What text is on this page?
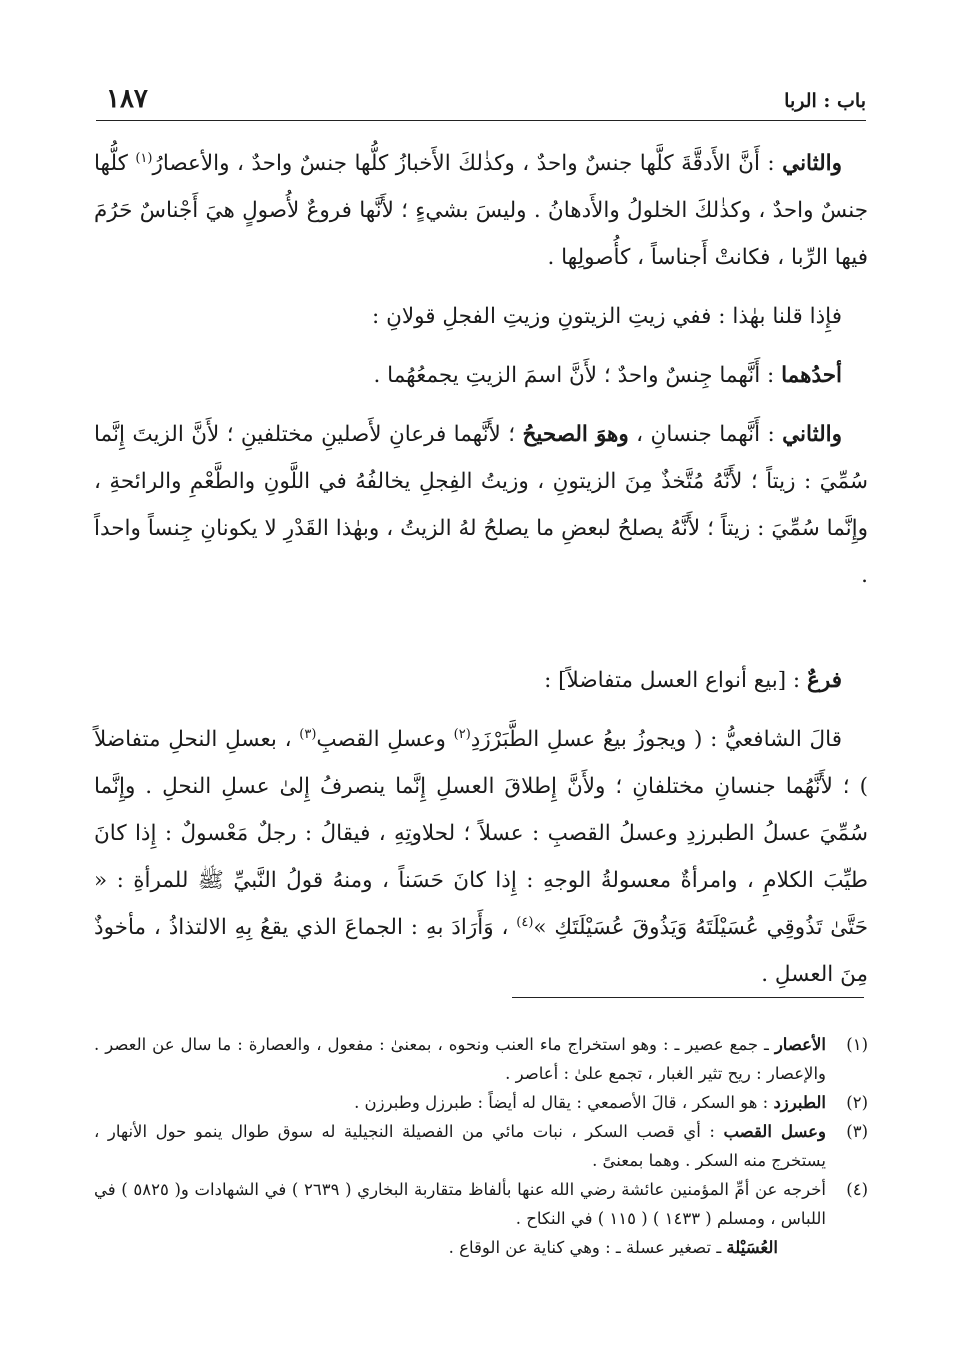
باب : الربا
١٨٧

والثاني : أَنَّ الأَدقَّةَ كلَّها جنسٌ واحدٌ ، وكذٰلكَ الأَخبازُ كلُّها جنسٌ واحدٌ ، والأعصارُ$^{(١)}$ كلُّها جنسٌ واحدٌ ، وكذٰلكَ الخلولُ والأَدهانُ . وليسَ بشيءٍ ؛ لأَنَّها فروعٌ لأُصولٍ هيَ أَجْناسٌ حَرُمَ فيها الرِّبا ، فكانتْ أَجناساً ، كأُصولِها .

فإِذا قلنا بهٰذا : ففي زيتِ الزيتونِ وزيتِ الفجلِ قولانِ :

أحدُهما : أَنَّهما جِنسٌ واحدٌ ؛ لأَنَّ اسمَ الزيتِ يجمعُهُما .

والثاني : أَنَّهما جنسانِ ، وهوَ الصحيحُ ؛ لأَنَّهما فرعانِ لأَصلينِ مختلفينِ ؛ لأَنَّ الزيتَ إِنَّما سُمِّيَ : زيتاً ؛ لأَنَّهُ مُتَّخذٌ مِنَ الزيتونِ ، وزيتُ الفِجلِ يخالفُهُ في اللَّونِ والطَّعْمِ والرائحةِ ، وإِنَّما سُمِّيَ : زيتاً ؛ لأَنَّهُ يصلحُ لبعضِ ما يصلحُ لهُ الزيتُ ، وبهٰذا القَدْرِ لا يكونانِ جِنساً واحداً .

فرعٌ : [بيع أنواع العسل متفاضلاً] :

قالَ الشافعيُّ : ( ويجوزُ بيعُ عسلِ الطَّبَرْزَدِ$^{(٢)}$ وعسلِ القصبِ$^{(٣)}$ ، بعسلِ النحلِ متفاضلاً ) ؛ لأَنَّهُما جنسانِ مختلفانِ ؛ ولأَنَّ إِطلاقَ العسلِ إِنَّما ينصرفُ إِلىٰ عسلِ النحلِ . وإِنَّما سُمِّيَ عسلُ الطبرزدِ وعسلُ القصبِ : عسلاً ؛ لحلاوتِهِ ، فيقالُ : رجلٌ مَعْسولٌ : إِذا كانَ طيِّبَ الكلامِ ، وامرأةٌ معسولةُ الوجهِ : إِذا كانَ حَسَناً ، ومنهُ قولُ النَّبيِّ ﷺ للمرأةِ : « حَتَّىٰ تَذُوقِي عُسَيْلَتَهُ وَيَذُوقَ عُسَيْلَتَكِ »$^{(٤)}$ ، وَأَرَادَ بهِ : الجماعَ الذي يقعُ بِهِ الالتذاذُ ، مأخوذٌ مِنَ العسلِ .

(١)
الأعصار ـ جمع عصير ـ : وهو استخراج ماء العنب ونحوه ، بمعنىٰ : مفعول ، والعصارة : ما سال عن العصر . والإعصار : ريح تثير الغبار ، تجمع علىٰ : أعاصر .
(٢)
الطبرزد : هو السكر ، قالَ الأصمعي : يقال له أيضاً : طبرزل وطبرزن .
(٣)
وعسل القصب : أي قصب السكر ، نبات مائي من الفصيلة النجيلية له سوق طوال ينمو حول الأنهار ، يستخرج منه السكر . وهما بمعنىً .
(٤)
أخرجه عن أمِّ المؤمنين عائشة رضي الله عنها بألفاظ متقاربة البخاري ( ٢٦٣٩ ) في الشهادات و( ٥٨٢٥ ) في اللباس ، ومسلم ( ١٤٣٣ ) ( ١١٥ ) في النكاح .
العُسَيْلة ـ تصغير عسلة ـ : وهي كناية عن الوقاع .
